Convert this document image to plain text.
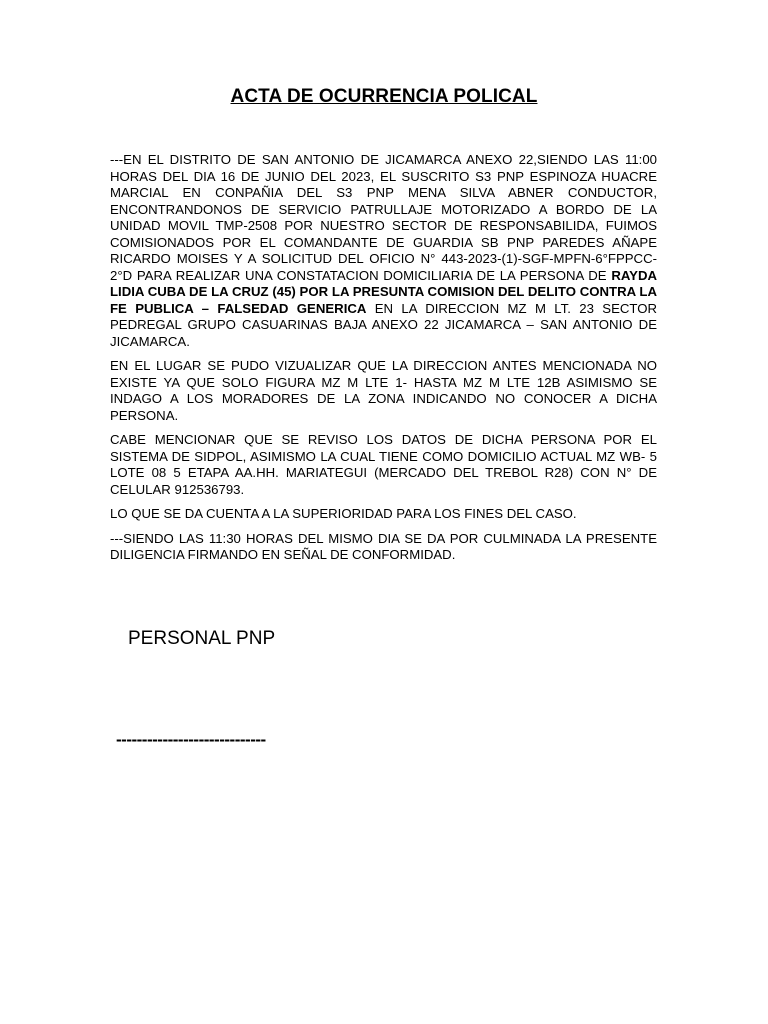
ACTA DE OCURRENCIA POLICAL

---EN EL DISTRITO DE SAN ANTONIO DE JICAMARCA ANEXO 22,SIENDO LAS 11:00 HORAS DEL DIA 16 DE JUNIO DEL 2023, EL SUSCRITO S3 PNP ESPINOZA HUACRE MARCIAL EN CONPAÑIA DEL S3 PNP MENA SILVA ABNER CONDUCTOR, ENCONTRANDONOS DE SERVICIO PATRULLAJE MOTORIZADO A BORDO DE LA UNIDAD MOVIL TMP-2508 POR NUESTRO SECTOR DE RESPONSABILIDA, FUIMOS COMISIONADOS POR EL COMANDANTE DE GUARDIA SB PNP PAREDES AÑAPE RICARDO MOISES Y A SOLICITUD DEL OFICIO N° 443-2023-(1)-SGF-MPFN-6°FPPCC-2°D PARA REALIZAR UNA CONSTATACION DOMICILIARIA DE LA PERSONA DE RAYDA LIDIA CUBA DE LA CRUZ (45) POR LA PRESUNTA COMISION DEL DELITO CONTRA LA FE PUBLICA – FALSEDAD GENERICA EN LA DIRECCION MZ M LT. 23 SECTOR PEDREGAL GRUPO CASUARINAS BAJA ANEXO 22 JICAMARCA – SAN ANTONIO DE JICAMARCA.

EN EL LUGAR SE PUDO VIZUALIZAR QUE LA DIRECCION ANTES MENCIONADA NO EXISTE YA QUE SOLO FIGURA MZ M LTE 1- HASTA MZ M LTE 12B ASIMISMO SE INDAGO A LOS MORADORES DE LA ZONA INDICANDO NO CONOCER A DICHA PERSONA.

CABE MENCIONAR QUE SE REVISO LOS DATOS DE DICHA PERSONA POR EL SISTEMA DE SIDPOL, ASIMISMO LA CUAL TIENE COMO DOMICILIO ACTUAL MZ WB- 5 LOTE 08 5 ETAPA AA.HH. MARIATEGUI (MERCADO DEL TREBOL R28) CON N° DE CELULAR 912536793.

LO QUE SE DA CUENTA A LA SUPERIORIDAD PARA LOS FINES DEL CASO.

---SIENDO LAS 11:30 HORAS DEL MISMO DIA SE DA POR CULMINADA LA PRESENTE DILIGENCIA FIRMANDO EN SEÑAL DE CONFORMIDAD.

PERSONAL PNP
-----------------------------
